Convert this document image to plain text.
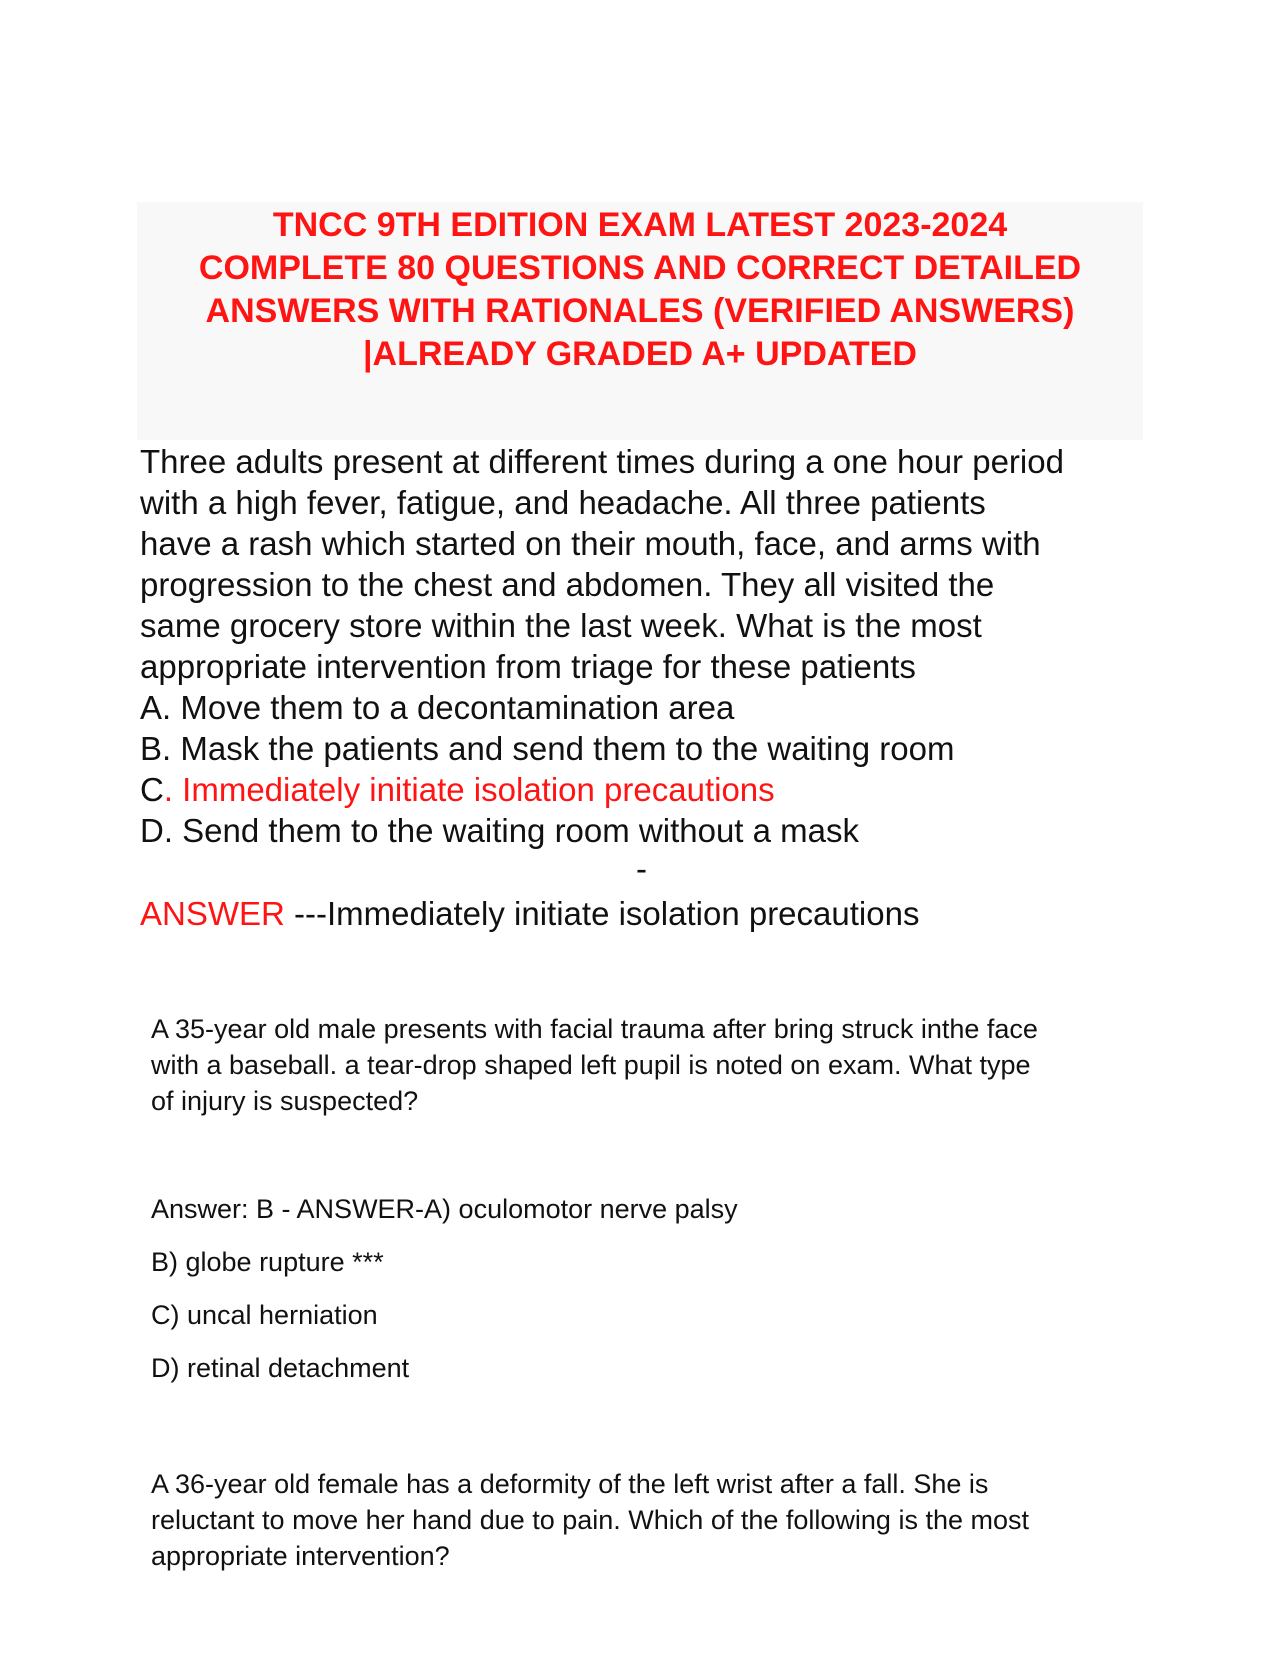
TNCC 9TH EDITION EXAM LATEST 2023-2024
COMPLETE 80 QUESTIONS AND CORRECT DETAILED
ANSWERS WITH RATIONALES (VERIFIED ANSWERS)
|ALREADY GRADED A+ UPDATED
Three adults present at different times during a one hour period
with a high fever, fatigue, and headache. All three patients
have a rash which started on their mouth, face, and arms with
progression to the chest and abdomen. They all visited the
same grocery store within the last week. What is the most
appropriate intervention from triage for these patients
A. Move them to a decontamination area
B. Mask the patients and send them to the waiting room
C. Immediately initiate isolation precautions
D. Send them to the waiting room without a mask
-
ANSWER ---Immediately initiate isolation precautions
A 35-year old male presents with facial trauma after bring struck inthe face
with a baseball. a tear-drop shaped left pupil is noted on exam. What type
of injury is suspected?
Answer: B - ANSWER-A) oculomotor nerve palsy
B) globe rupture ***
C) uncal herniation
D) retinal detachment
A 36-year old female has a deformity of the left wrist after a fall. She is
reluctant to move her hand due to pain. Which of the following is the most
appropriate intervention?
